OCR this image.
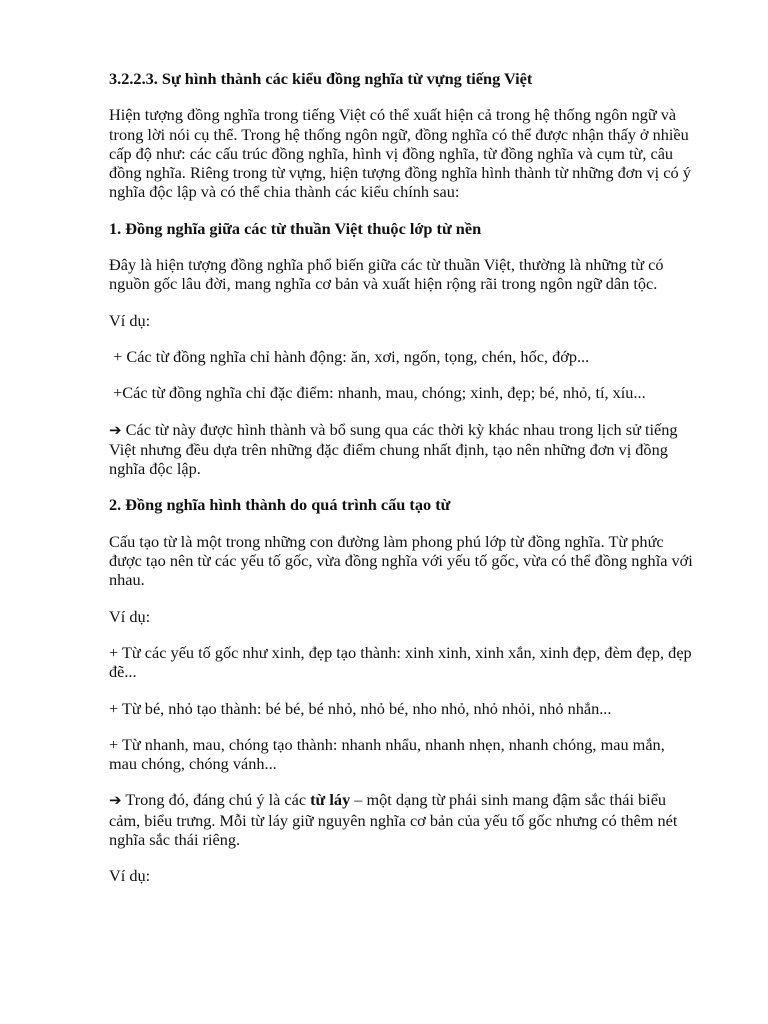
3.2.2.3. Sự hình thành các kiểu đồng nghĩa từ vựng tiếng Việt

Hiện tượng đồng nghĩa trong tiếng Việt có thể xuất hiện cả trong hệ thống ngôn ngữ và trong lời nói cụ thể. Trong hệ thống ngôn ngữ, đồng nghĩa có thể được nhận thấy ở nhiều cấp độ như: các cấu trúc đồng nghĩa, hình vị đồng nghĩa, từ đồng nghĩa và cụm từ, câu đồng nghĩa. Riêng trong từ vựng, hiện tượng đồng nghĩa hình thành từ những đơn vị có ý nghĩa độc lập và có thể chia thành các kiểu chính sau:

1. Đồng nghĩa giữa các từ thuần Việt thuộc lớp từ nền

Đây là hiện tượng đồng nghĩa phổ biến giữa các từ thuần Việt, thường là những từ có nguồn gốc lâu đời, mang nghĩa cơ bản và xuất hiện rộng rãi trong ngôn ngữ dân tộc.

Ví dụ:

+ Các từ đồng nghĩa chỉ hành động: ăn, xơi, ngốn, tọng, chén, hốc, đớp...

+Các từ đồng nghĩa chỉ đặc điểm: nhanh, mau, chóng; xinh, đẹp; bé, nhỏ, tí, xíu...

➔ Các từ này được hình thành và bổ sung qua các thời kỳ khác nhau trong lịch sử tiếng Việt nhưng đều dựa trên những đặc điểm chung nhất định, tạo nên những đơn vị đồng nghĩa độc lập.

2. Đồng nghĩa hình thành do quá trình cấu tạo từ

Cấu tạo từ là một trong những con đường làm phong phú lớp từ đồng nghĩa. Từ phức được tạo nên từ các yếu tố gốc, vừa đồng nghĩa với yếu tố gốc, vừa có thể đồng nghĩa với nhau.

Ví dụ:

+ Từ các yếu tố gốc như xinh, đẹp tạo thành: xinh xinh, xinh xắn, xinh đẹp, đèm đẹp, đẹp đẽ...

+ Từ bé, nhỏ tạo thành: bé bé, bé nhỏ, nhỏ bé, nho nhỏ, nhỏ nhỏi, nhỏ nhắn...

+ Từ nhanh, mau, chóng tạo thành: nhanh nhẩu, nhanh nhẹn, nhanh chóng, mau mắn, mau chóng, chóng vánh...

➔ Trong đó, đáng chú ý là các từ láy – một dạng từ phái sinh mang đậm sắc thái biểu cảm, biểu trưng. Mỗi từ láy giữ nguyên nghĩa cơ bản của yếu tố gốc nhưng có thêm nét nghĩa sắc thái riêng.

Ví dụ:
